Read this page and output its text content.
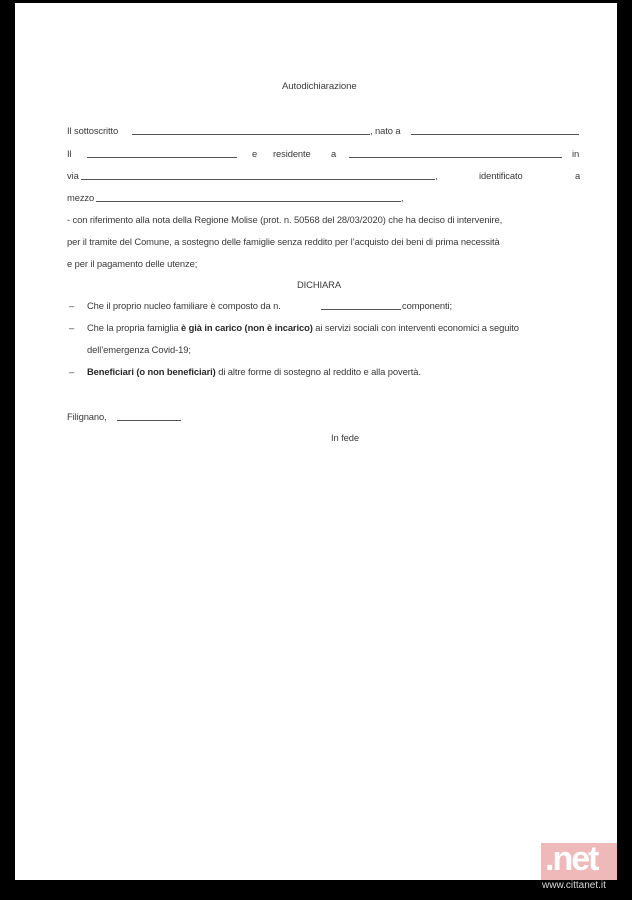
Autodichiarazione
Il sottoscritto	, nato a
Il	e residente a	in
via	,	identificato	a
mezzo	,
- con riferimento alla nota della Regione Molise (prot. n. 50568 del 28/03/2020) che ha deciso di intervenire,
per il tramite del Comune, a sostegno delle famiglie senza reddito per l’acquisto dei beni di prima necessità
e per il pagamento delle utenze;
DICHIARA
– Che il proprio nucleo familiare è composto da n.	componenti;
– Che la propria famiglia è già in carico (non è incarico) ai servizi sociali con interventi economici a seguito
dell’emergenza Covid-19;
– Beneficiari (o non beneficiari) di altre forme di sostegno al reddito e alla povertà.
Filignano,
In fede
.net
www.cittanet.it
